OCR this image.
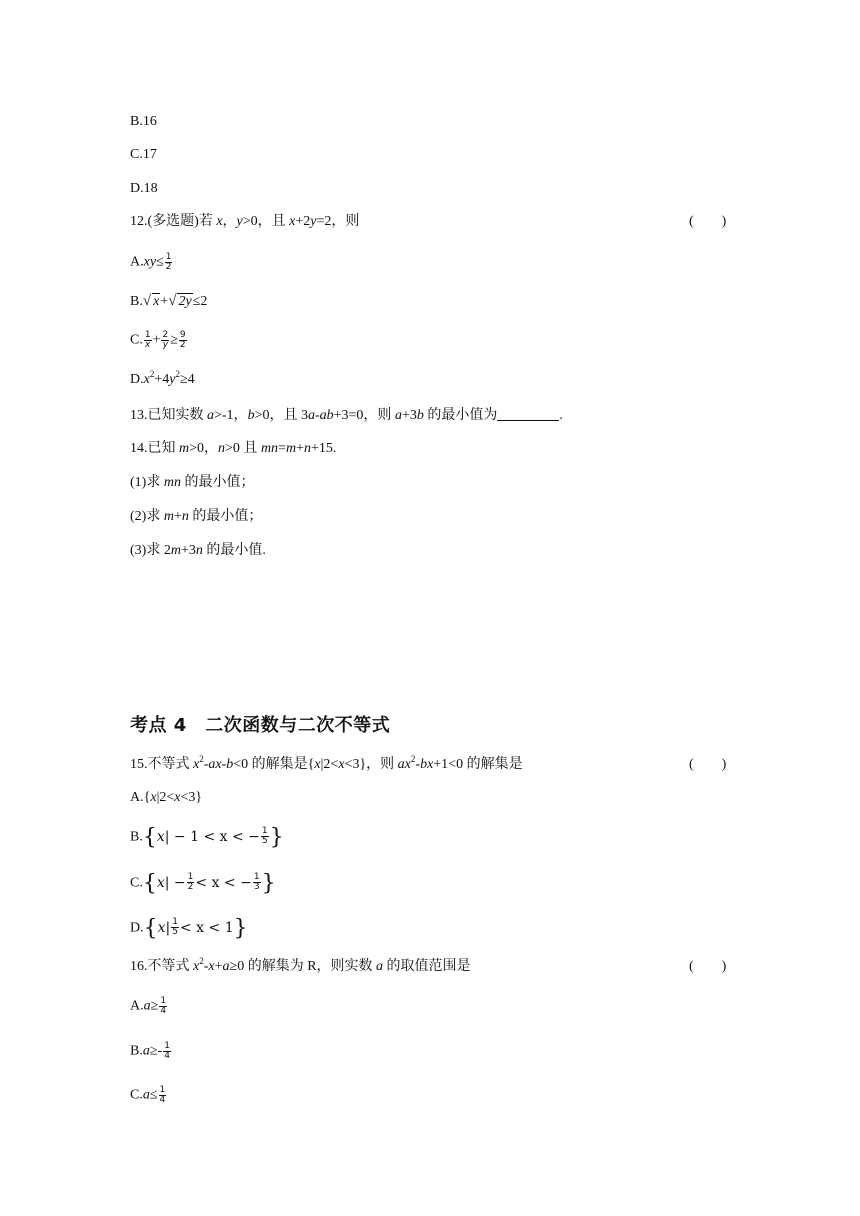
B.16
C.17
D.18
12.(多选题)若 x，y>0，且 x+2y=2，则	(　　)
$A.xy\le \frac{1}{2}$
B.√ x+√ 2y≤2
C. $\frac{1}{x}+ \frac{2}{y}\ge \frac{9}{2}$
$D.x^2+4y^2\ge 4$
13.已知实数 a>-1，b>0，且 3a-ab+3=0，则 a+3b 的最小值为	.
14.已知 m>0，n>0 且 mn=m+n+15.
(1)求 mn 的最小值；
(2)求 m+n 的最小值；
(3)求 2m+3n 的最小值.
考点 4　二次函数与二次不等式
15.不等式 $x^2-ax-b<0$ 的解集是{x|2<x<3}，则 $ax^2-bx+1<0$ 的解集是	(　　)
A.{x|2<x<3}
B.{x| − 1 < x < − $\frac{1}{5}$ }
$C.\{x| - \frac{1}{2} < x$ < − $\frac{1}{3}$ }
$D.\{x| \frac{1}{5} < x < 1\}$
16.不等式 $x^2-x+a\ge 0$ 的解集为 R，则实数 a 的取值范围是	(　　)
$A.a\ge \frac{1}{4}$
$B.a\ge- \frac{1}{4}$
$C.a\le \frac{1}{4}$
